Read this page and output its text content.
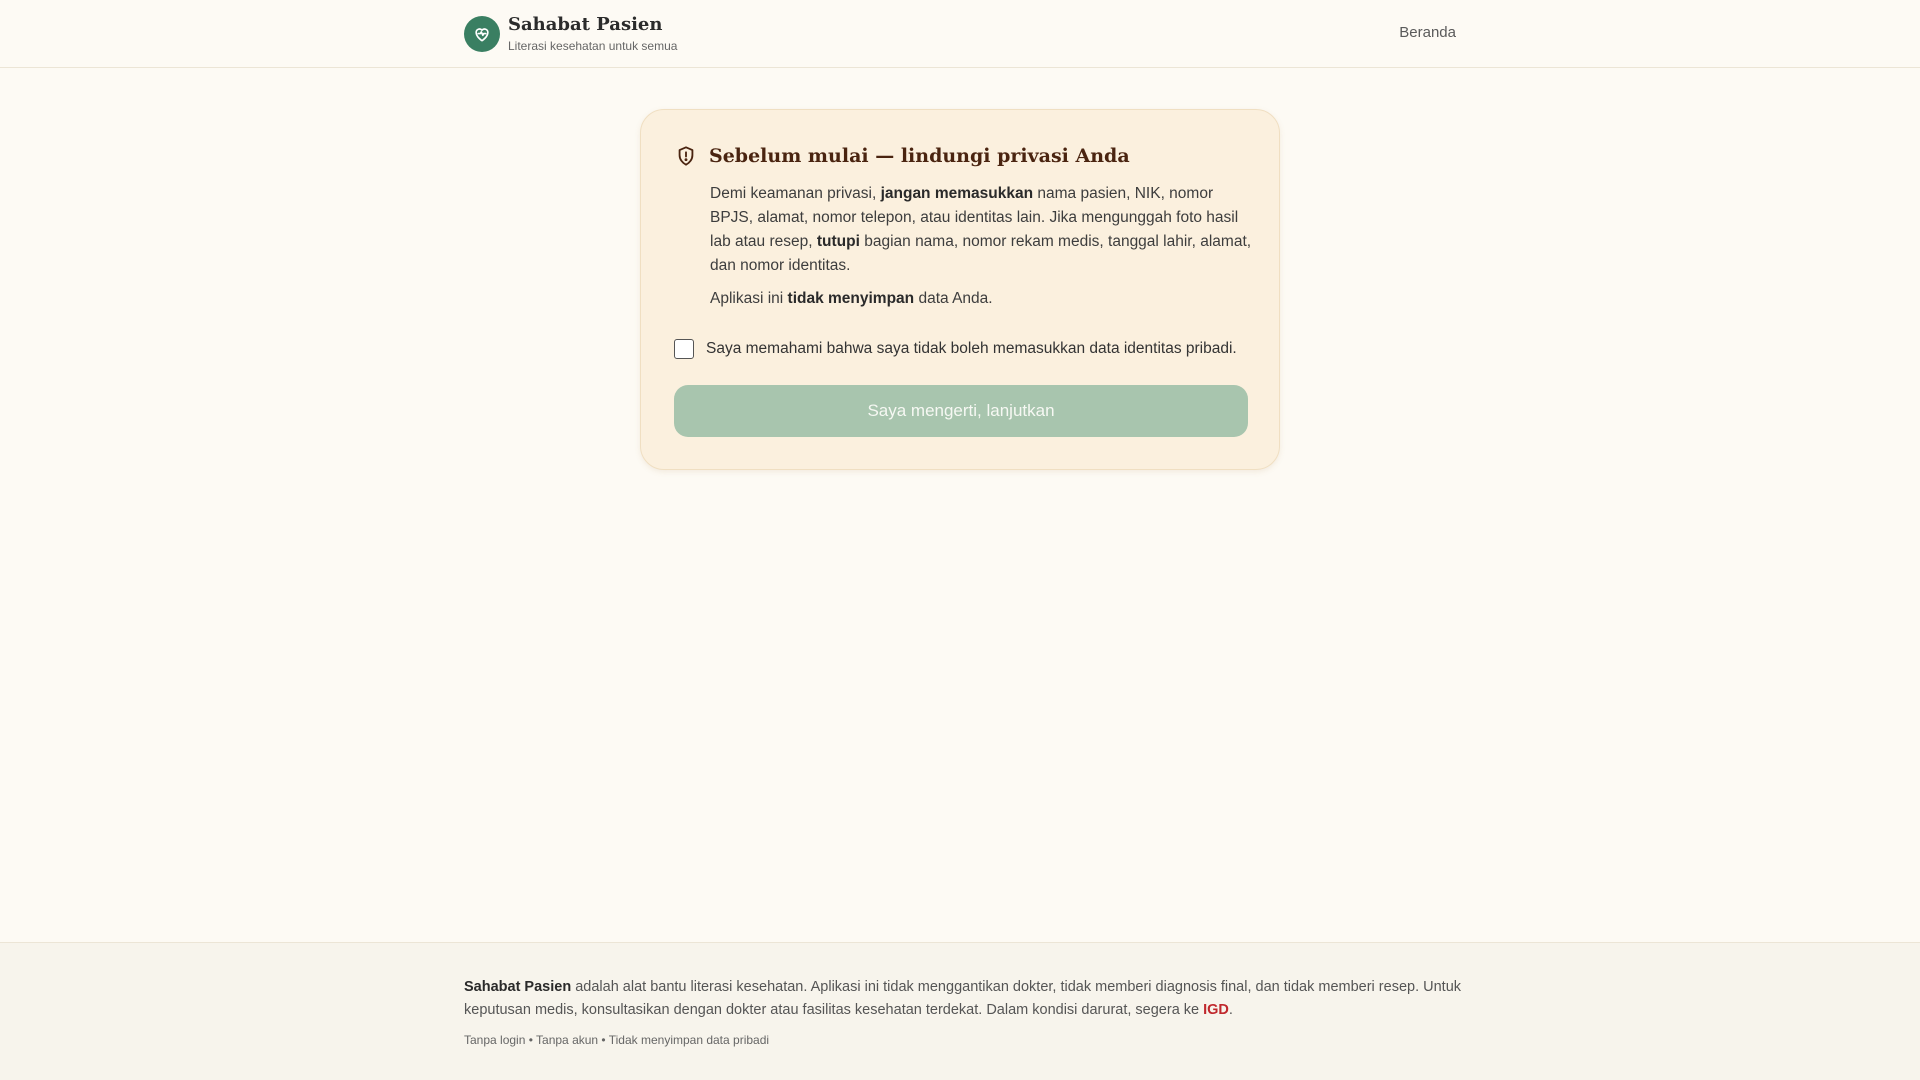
Sahabat Pasien
Literasi kesehatan untuk semua
Beranda
Sebelum mulai — lindungi privasi Anda

Demi keamanan privasi, jangan memasukkan nama pasien, NIK, nomor BPJS, alamat, nomor telepon, atau identitas lain. Jika mengunggah foto hasil lab atau resep, tutupi bagian nama, nomor rekam medis, tanggal lahir, alamat, dan nomor identitas.

Aplikasi ini tidak menyimpan data Anda.

Saya memahami bahwa saya tidak boleh memasukkan data identitas pribadi.
Saya mengerti, lanjutkan

Sahabat Pasien adalah alat bantu literasi kesehatan. Aplikasi ini tidak menggantikan dokter, tidak memberi diagnosis final, dan tidak memberi resep. Untuk keputusan medis, konsultasikan dengan dokter atau fasilitas kesehatan terdekat. Dalam kondisi darurat, segera ke IGD.

Tanpa login • Tanpa akun • Tidak menyimpan data pribadi
